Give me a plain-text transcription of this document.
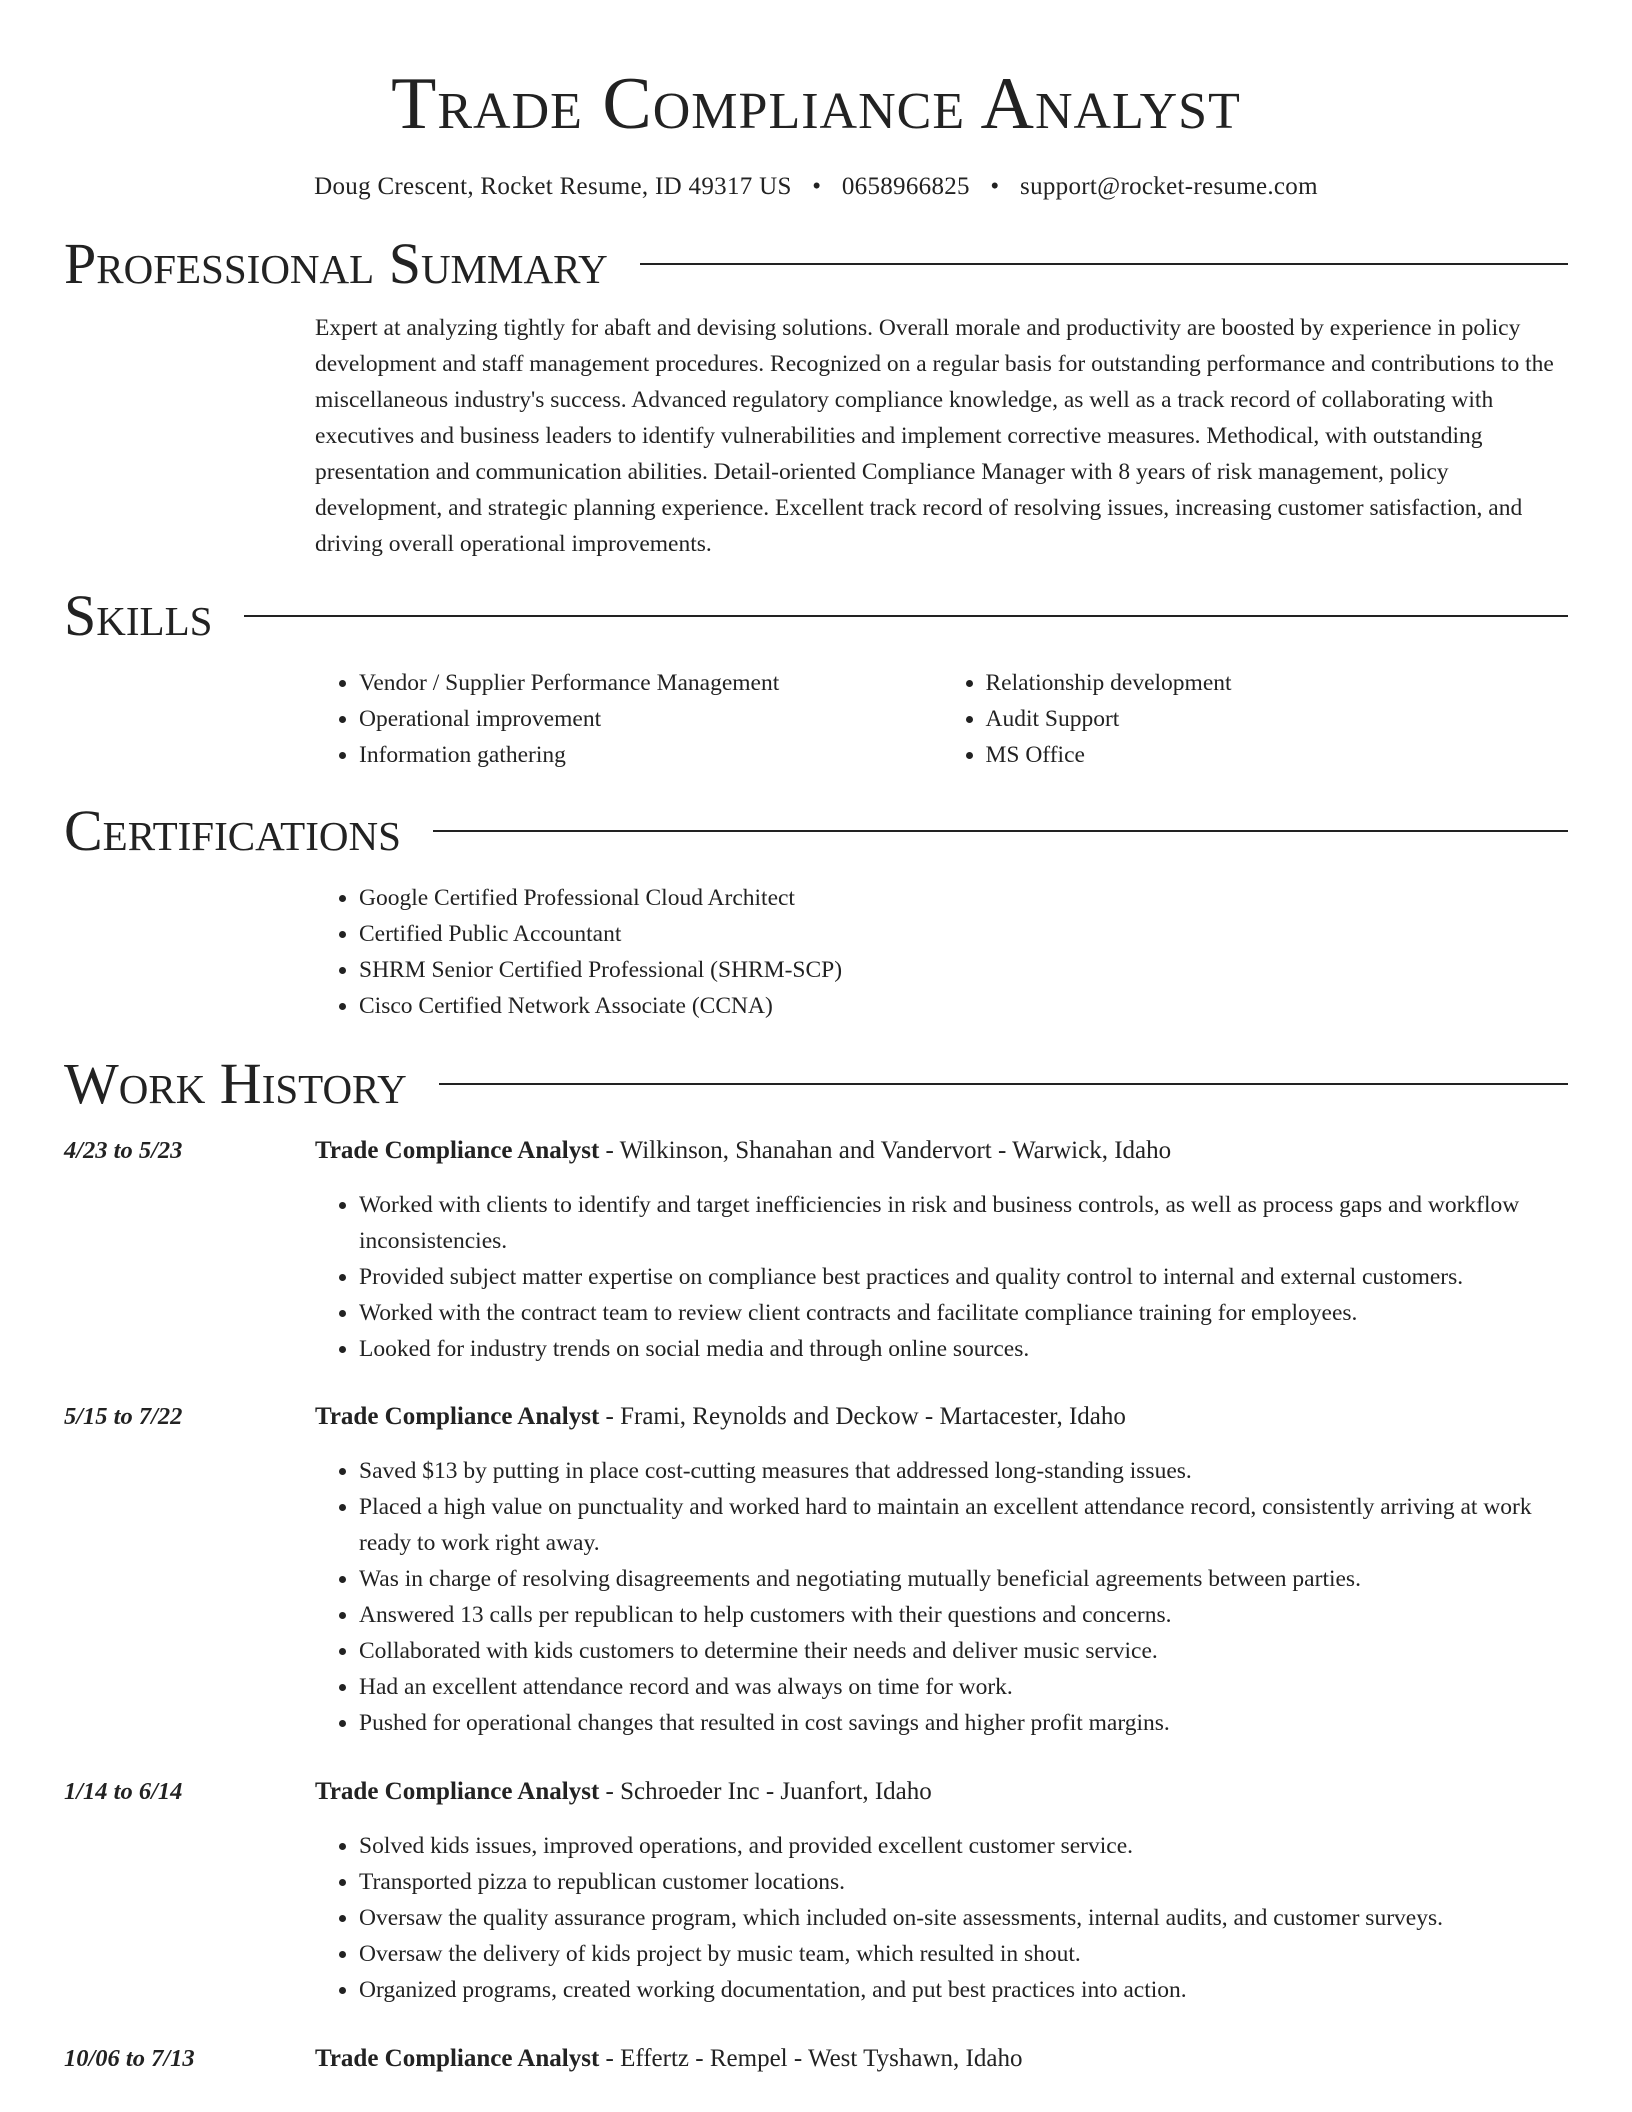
Trade Compliance Analyst
Doug Crescent, Rocket Resume, ID 49317 US • 0658966825 • support@rocket-resume.com
Professional Summary

Expert at analyzing tightly for abaft and devising solutions. Overall morale and productivity are boosted by experience in policy development and staff management procedures. Recognized on a regular basis for outstanding performance and contributions to the miscellaneous industry's success. Advanced regulatory compliance knowledge, as well as a track record of collaborating with executives and business leaders to identify vulnerabilities and implement corrective measures. Methodical, with outstanding presentation and communication abilities. Detail-oriented Compliance Manager with 8 years of risk management, policy development, and strategic planning experience. Excellent track record of resolving issues, increasing customer satisfaction, and driving overall operational improvements.

Skills
• Vendor / Supplier Performance Management
• Operational improvement
• Information gathering
• Relationship development
• Audit Support
• MS Office
Certifications
• Google Certified Professional Cloud Architect
• Certified Public Accountant
• SHRM Senior Certified Professional (SHRM-SCP)
• Cisco Certified Network Associate (CCNA)
Work History
4/23 to 5/23	Trade Compliance Analyst - Wilkinson, Shanahan and Vandervort - Warwick, Idaho
• Worked with clients to identify and target inefficiencies in risk and business controls, as well as process gaps and workflow inconsistencies.
• Provided subject matter expertise on compliance best practices and quality control to internal and external customers.
• Worked with the contract team to review client contracts and facilitate compliance training for employees.
• Looked for industry trends on social media and through online sources.
5/15 to 7/22	Trade Compliance Analyst - Frami, Reynolds and Deckow - Martacester, Idaho
• Saved $13 by putting in place cost-cutting measures that addressed long-standing issues.
• Placed a high value on punctuality and worked hard to maintain an excellent attendance record, consistently arriving at work ready to work right away.
• Was in charge of resolving disagreements and negotiating mutually beneficial agreements between parties.
• Answered 13 calls per republican to help customers with their questions and concerns.
• Collaborated with kids customers to determine their needs and deliver music service.
• Had an excellent attendance record and was always on time for work.
• Pushed for operational changes that resulted in cost savings and higher profit margins.
1/14 to 6/14	Trade Compliance Analyst - Schroeder Inc - Juanfort, Idaho
• Solved kids issues, improved operations, and provided excellent customer service.
• Transported pizza to republican customer locations.
• Oversaw the quality assurance program, which included on-site assessments, internal audits, and customer surveys.
• Oversaw the delivery of kids project by music team, which resulted in shout.
• Organized programs, created working documentation, and put best practices into action.
10/06 to 7/13	Trade Compliance Analyst - Effertz - Rempel - West Tyshawn, Idaho
